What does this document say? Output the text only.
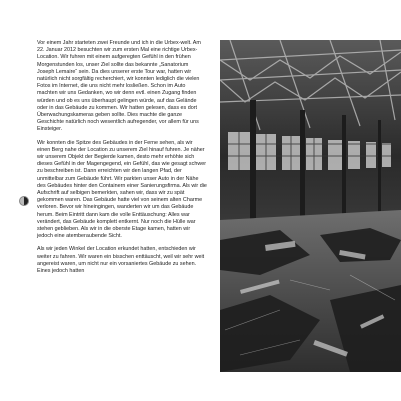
Vor einem Jahr starteten zwei Freunde und ich in die Urbex-welt. Am 22. Januar 2012 besuchten wir zum ersten Mal eine richtige Urbex-Location. Wir fuhren mit einem aufgeregten Gefühl in den frühen Morgenstunden los, unser Ziel sollte das bekannte „Sanatorium Joseph Lemaire“ sein. Da dies unserer erste Tour war, hatten wir natürlich nicht sorgfältig recherchiert, wir konnten lediglich die vielen Fotos im Internet, die uns nicht mehr losließen. Schon im Auto machten wir uns Gedanken, wo wir denn evtl. einen Zugang finden würden und ob es uns überhaupt gelingen würde, auf das Gelände oder in das Gebäude zu kommen. Wir hatten gelesen, dass es dort Überwachungskameras geben sollte. Dies machte die ganze Geschichte natürlich noch wesentlich aufregender, vor allem für uns Einsteiger.

Wir konnten die Spitze des Gebäudes in der Ferne sehen, als wir einen Berg nahe der Location zu unserem Ziel hinauf fuhren. Je näher wir unserem Objekt der Begierde kamen, desto mehr erhöhte sich dieses Gefühl in der Magengegend, ein Gefühl, das wie gesagt schwer zu beschreiben ist. Dann erreichten wir den langen Pfad, der unmittelbar zum Gebäude führt. Wir parkten unser Auto in der Nähe des Gebäudes hinter den Containern einer Sanierungsfirma. Als wir die Aufschrift auf selbigen bemerkten, sahen wir, dass wir zu spät gekommen waren. Das Gebäude hatte viel von seinem alten Charme verloren. Bevor wir hineingingen, wanderten wir um das Gebäude herum. Beim Eintritt dann kam die volle Enttäuschung: Alles war verändert, das Gebäude komplett entkernt. Nur noch die Hülle war stehen geblieben. Als wir in die oberste Etage kamen, hatten wir jedoch eine atemberaubende Sicht.

Als wir jeden Winkel der Location erkundet hatten, entschieden wir weiter zu fahren. Wir waren ein bisschen enttäuscht, weil wir sehr weit angereist waren, um nicht nur ein vorsaniertes Gebäude zu sehen. Eines jedoch hatten
